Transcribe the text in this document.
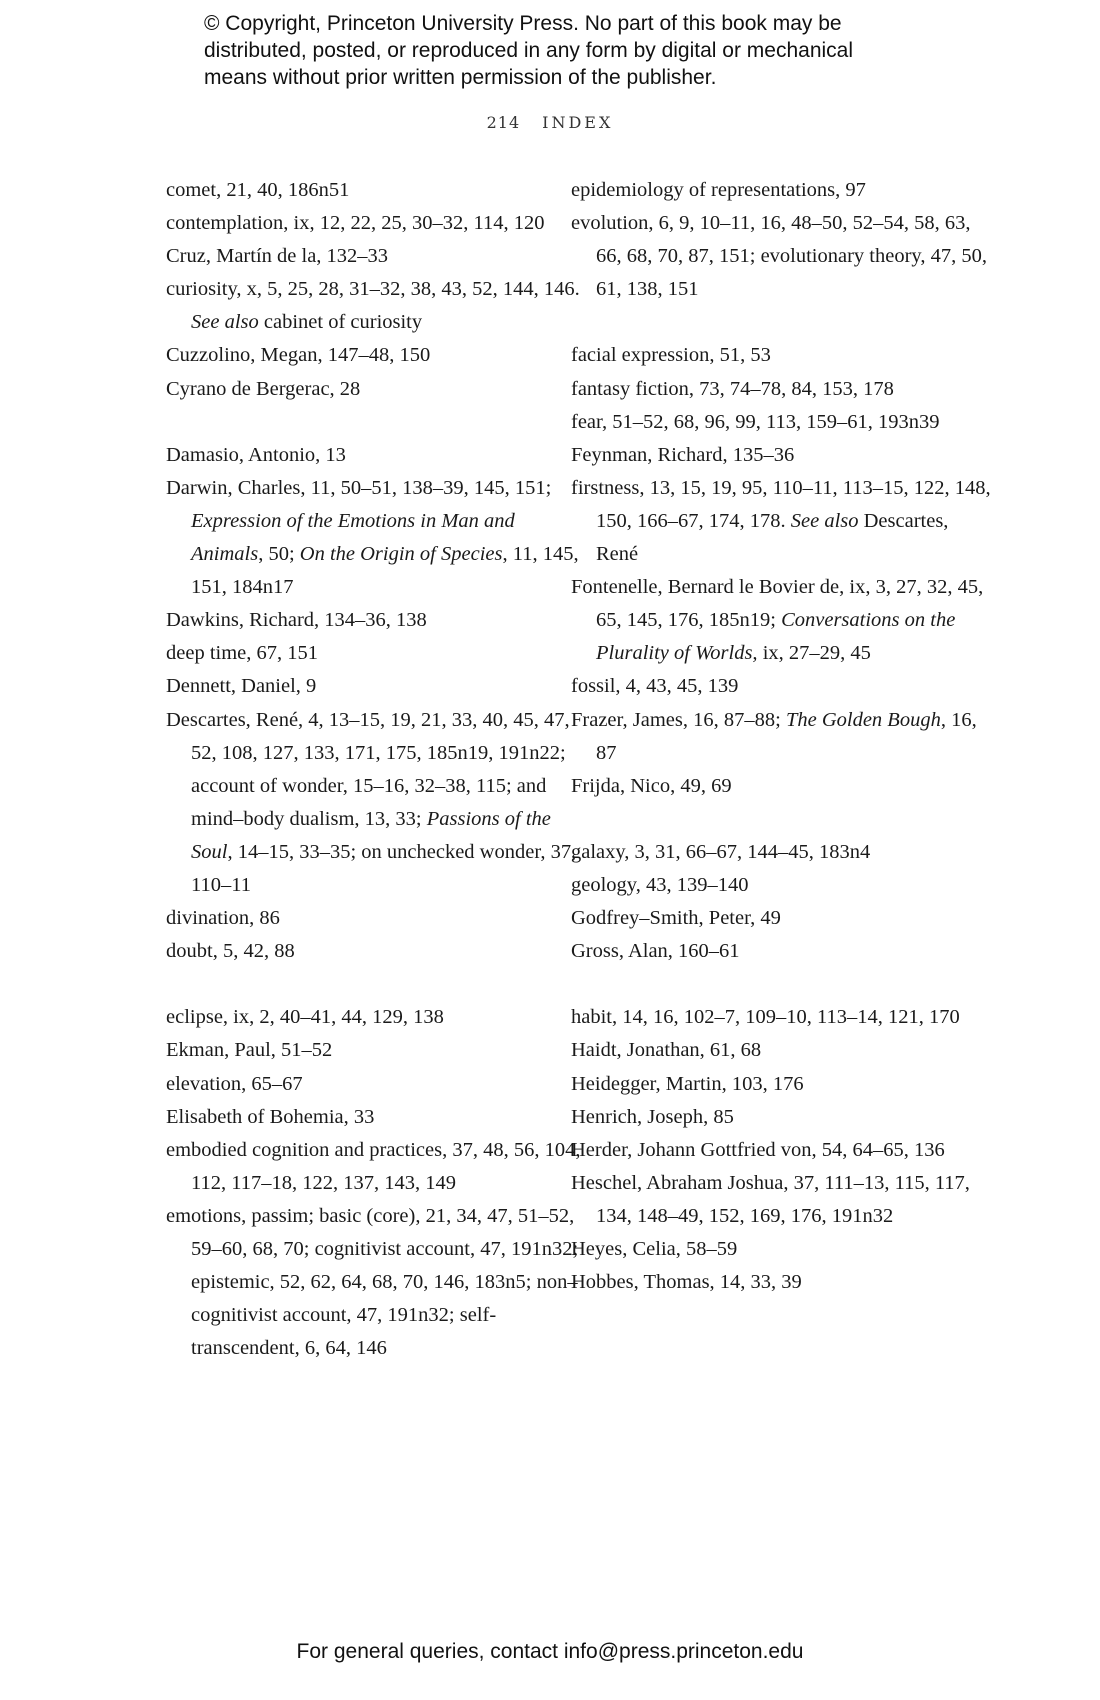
© Copyright, Princeton University Press. No part of this book may be
distributed, posted, or reproduced in any form by digital or mechanical
means without prior written permission of the publisher.
214 INDEX

comet, 21, 40, 186n51

contemplation, ix, 12, 22, 25, 30–32, 114, 120

Cruz, Martín de la, 132–33

curiosity, x, 5, 25, 28, 31–32, 38, 43, 52, 144, 146. See also cabinet of curiosity

Cuzzolino, Megan, 147–48, 150

Cyrano de Bergerac, 28

Damasio, Antonio, 13

Darwin, Charles, 11, 50–51, 138–39, 145, 151; Expression of the Emotions in Man and Animals, 50; On the Origin of Species, 11, 145, 151, 184n17

Dawkins, Richard, 134–36, 138

deep time, 67, 151

Dennett, Daniel, 9

Descartes, René, 4, 13–15, 19, 21, 33, 40, 45, 47, 52, 108, 127, 133, 171, 175, 185n19, 191n22; account of wonder, 15–16, 32–38, 115; and mind–body dualism, 13, 33; Passions of the Soul, 14–15, 33–35; on unchecked wonder, 37, 110–11

divination, 86

doubt, 5, 42, 88

eclipse, ix, 2, 40–41, 44, 129, 138

Ekman, Paul, 51–52

elevation, 65–67

Elisabeth of Bohemia, 33

embodied cognition and practices, 37, 48, 56, 104, 112, 117–18, 122, 137, 143, 149

emotions, passim; basic (core), 21, 34, 47, 51–52, 59–60, 68, 70; cognitivist account, 47, 191n32; epistemic, 52, 62, 64, 68, 70, 146, 183n5; non–cognitivist account, 47, 191n32; self-transcendent, 6, 64, 146

epidemiology of representations, 97

evolution, 6, 9, 10–11, 16, 48–50, 52–54, 58, 63, 66, 68, 70, 87, 151; evolutionary theory, 47, 50, 61, 138, 151

facial expression, 51, 53

fantasy fiction, 73, 74–78, 84, 153, 178

fear, 51–52, 68, 96, 99, 113, 159–61, 193n39

Feynman, Richard, 135–36

firstness, 13, 15, 19, 95, 110–11, 113–15, 122, 148, 150, 166–67, 174, 178. See also Descartes, René

Fontenelle, Bernard le Bovier de, ix, 3, 27, 32, 45, 65, 145, 176, 185n19; Conversations on the Plurality of Worlds, ix, 27–29, 45

fossil, 4, 43, 45, 139

Frazer, James, 16, 87–88; The Golden Bough, 16, 87

Frijda, Nico, 49, 69

galaxy, 3, 31, 66–67, 144–45, 183n4

geology, 43, 139–140

Godfrey–Smith, Peter, 49

Gross, Alan, 160–61

habit, 14, 16, 102–7, 109–10, 113–14, 121, 170

Haidt, Jonathan, 61, 68

Heidegger, Martin, 103, 176

Henrich, Joseph, 85

Herder, Johann Gottfried von, 54, 64–65, 136

Heschel, Abraham Joshua, 37, 111–13, 115, 117, 134, 148–49, 152, 169, 176, 191n32

Heyes, Celia, 58–59

Hobbes, Thomas, 14, 33, 39

For general queries, contact info@press.princeton.edu
